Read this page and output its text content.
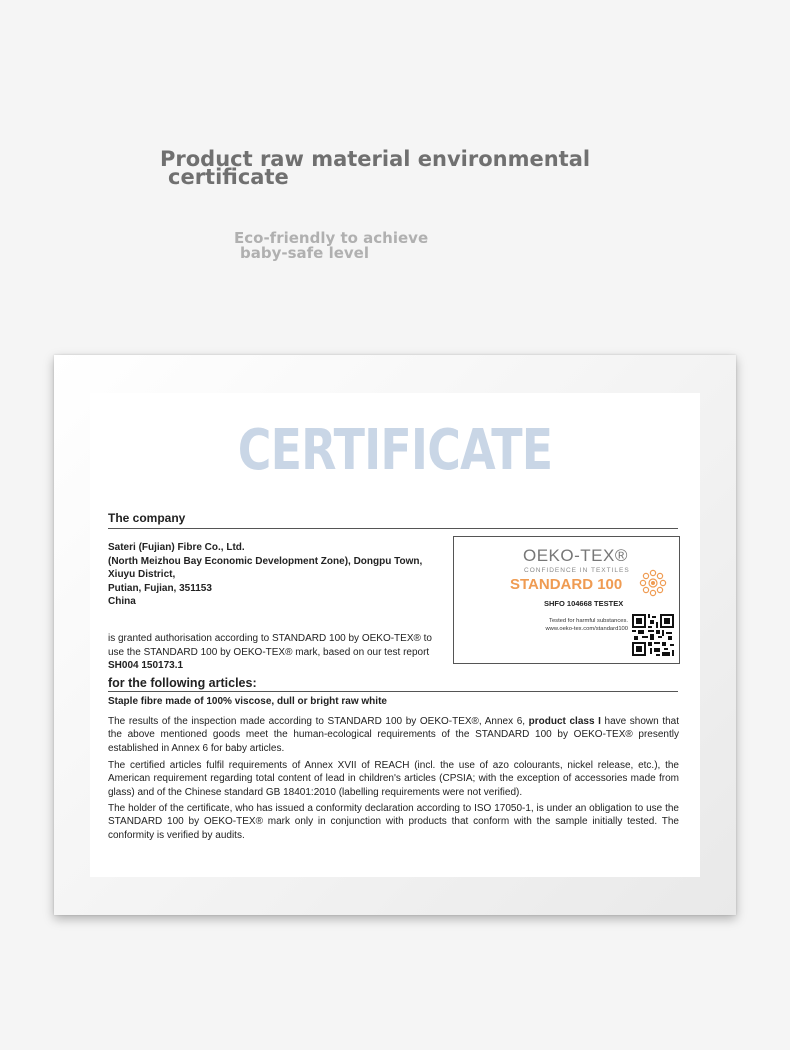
Product raw material environmental
certificate
Eco-friendly to achieve
baby-safe level
CERTIFICATE
The company
Sateri (Fujian) Fibre Co., Ltd.
(North Meizhou Bay Economic Development Zone), Dongpu Town,
Xiuyu District,
Putian, Fujian, 351153
China
OEKO-TEX®
CONFIDENCE IN TEXTILES
STANDARD 100
SHFO 104668 TESTEX
Tested for harmful substances.
www.oeko-tex.com/standard100
is granted authorisation according to STANDARD 100 by OEKO-TEX® to use the STANDARD 100 by OEKO-TEX® mark, based on our test report SH004 150173.1
for the following articles:
Staple fibre made of 100% viscose, dull or bright raw white
The results of the inspection made according to STANDARD 100 by OEKO-TEX®, Annex 6, product class I have shown that the above mentioned goods meet the human-ecological requirements of the STANDARD 100 by OEKO-TEX® presently established in Annex 6 for baby articles.
The certified articles fulfil requirements of Annex XVII of REACH (incl. the use of azo colourants, nickel release, etc.), the American requirement regarding total content of lead in children's articles (CPSIA; with the exception of accessories made from glass) and of the Chinese standard GB 18401:2010 (labelling requirements were not verified).
The holder of the certificate, who has issued a conformity declaration according to ISO 17050-1, is under an obligation to use the STANDARD 100 by OEKO-TEX® mark only in conjunction with products that conform with the sample initially tested. The conformity is verified by audits.
